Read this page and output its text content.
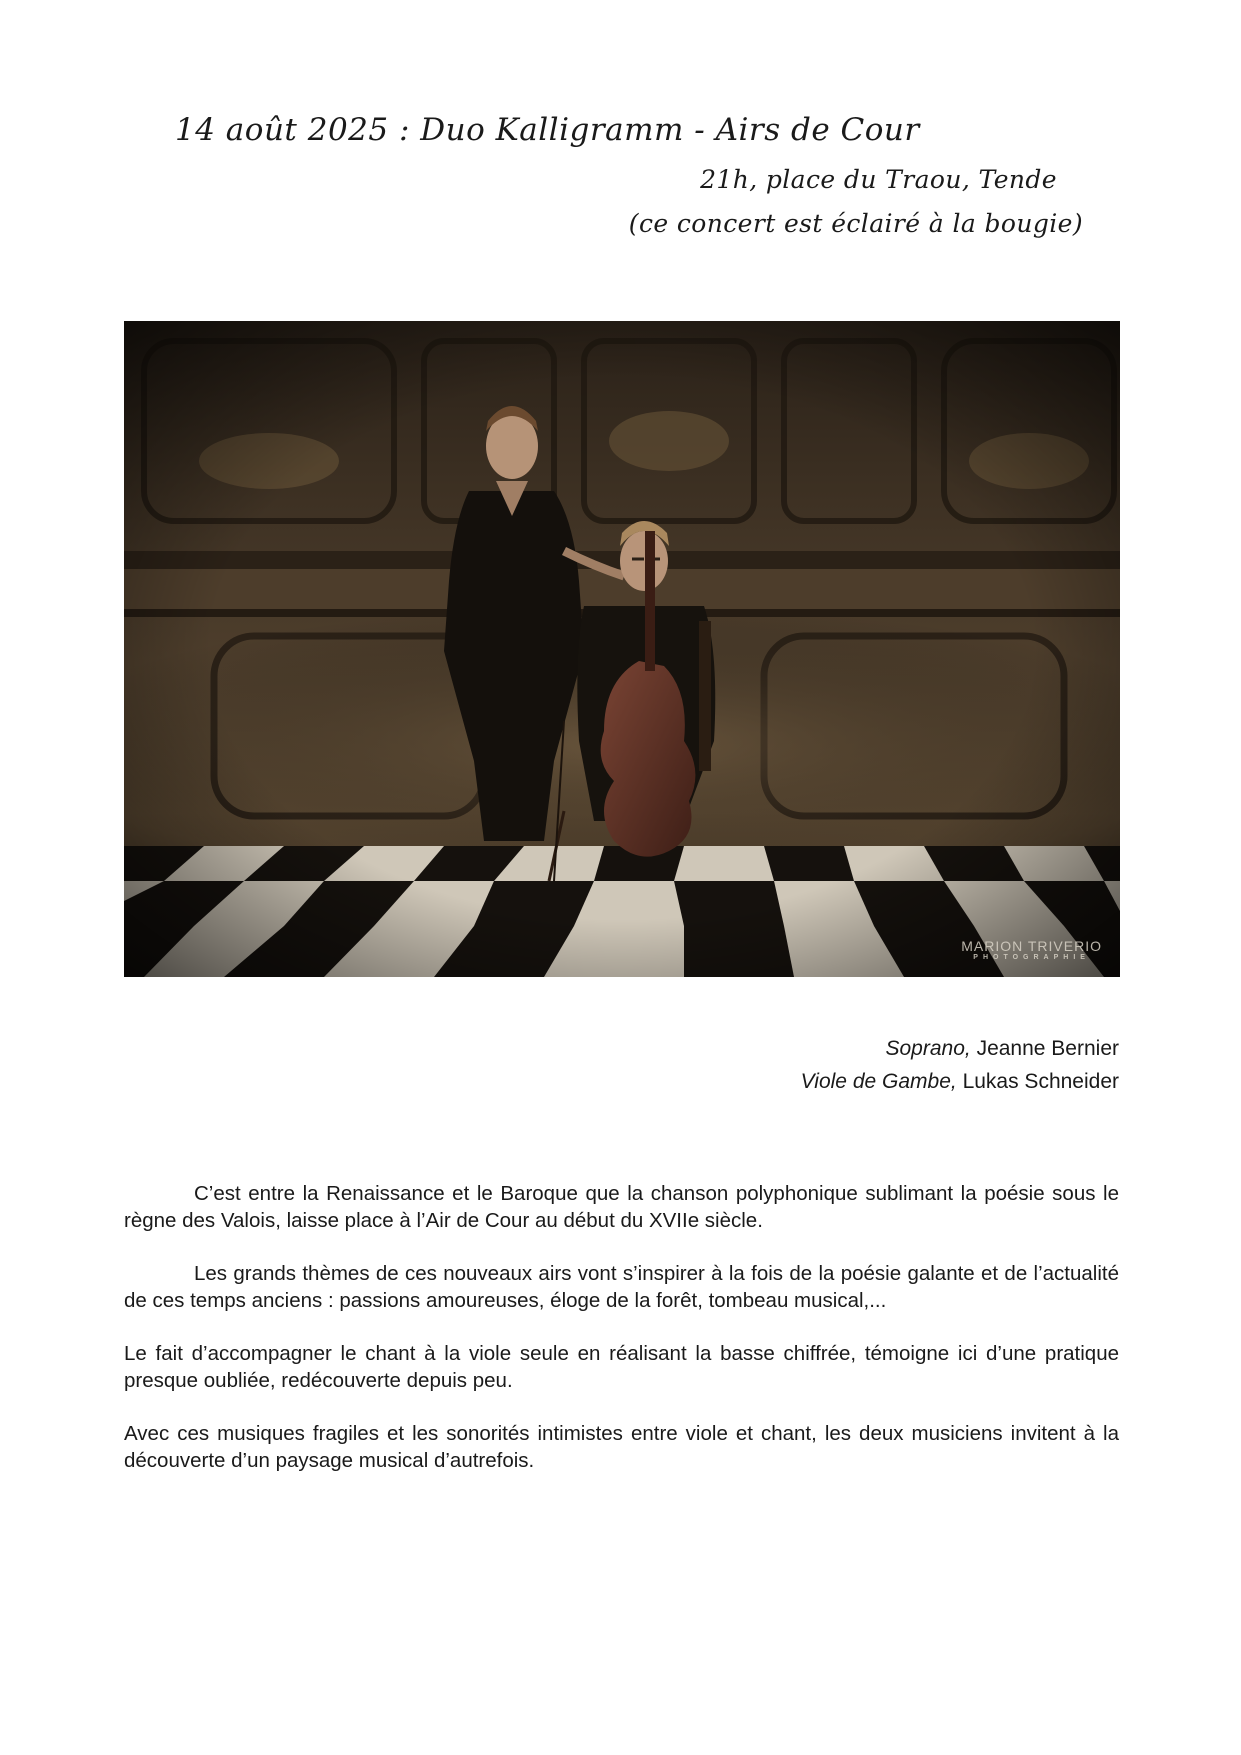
14 août 2025 : Duo Kalligramm - Airs de Cour
21h, place du Traou, Tende
(ce concert est éclairé à la bougie)
MARION TRIVERIO
PHOTOGRAPHIE
Soprano, Jeanne Bernier
Viole de Gambe, Lukas Schneider

C’est entre la Renaissance et le Baroque que la chanson polyphonique sublimant la poésie sous le règne des Valois, laisse place à l’Air de Cour au début du XVIIe siècle.

Les grands thèmes de ces nouveaux airs vont s’inspirer à la fois de la poésie galante et de l’actualité de ces temps anciens : passions amoureuses, éloge de la forêt, tombeau musical,...

Le fait d’accompagner le chant à la viole seule en réalisant la basse chiffrée, témoigne ici d’une pratique presque oubliée, redécouverte depuis peu.

Avec ces musiques fragiles et les sonorités intimistes entre viole et chant, les deux musiciens invitent à la découverte d’un paysage musical d’autrefois.
